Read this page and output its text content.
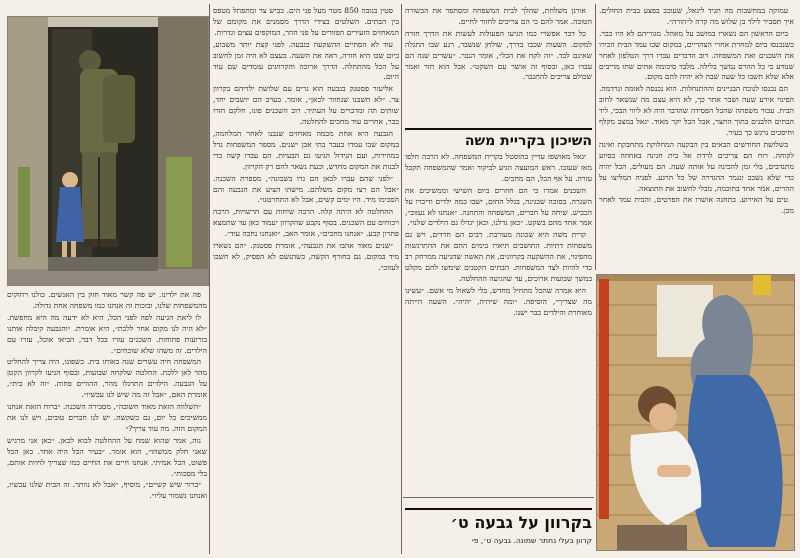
עמוקה במחשבות מה תגיד ליגאל, שעוכב בפצע בבית החולים. איך תסביר לילד בן שלוש מה קרה ל״הורה״.

ביום הראשון הם נשארו במושב על מאהל. מגוריהם לא היו כבר. כשנכנסו ביום למחרת אחרי הצהריים, במקום שבו עמד הבית הכירו את השכנים ואת המשפחה. רוב הדברים עברו דרך הטלפון לאחר שנודע כי כל ההרס נמשך בלילה. מלבד סיכומה אחים שתו מריבים אלא שלא חשבו כל שעה שבה לא יהיה להם מקום.

הם נכנסו לנוכח הבניינים וההתנחלות. הוא נכנסה לאומה ונרדמה. הפינוי אירע שעה ושבר אחר כך, לא היא עצם מה שנשאר לחוב הבית. עבור משפחה שהכל הפסידה שהדבר היה לא ליווי הבכי, ליד הבתים הלבנים בתוך החצר, אבל הכל יקר מאוד. יגאל במצב מקלף וחיסכים נרגש כך בעיר.

בשלושת החודשים הבאים בין הבקעה המחלוקת מתחבקת ואינה לקוחה. רוח הם צריכים לרדת אל בית חנינה באחוזה בסיוע מתנדבים, בלי זמן להכינה על אותה שעה. הם מעולים, הכל יהיה כדי שלא נשכב ונגמר ההגדרה של כל הרגע. לפניה המליצו על ההרים, אמר אחד בחוכמה, מבלי לחשוב את התוצאה.

טים על האירוע. בתחנה אושרו את הפרטים, והבית עמד לאחר מכן.

אורגן משלחת, שהלך לבית המשפחה ומסתפר את הבשורה הטובה. אמר להם כי הם צריכים לחזור לחיים.

כל דבר אפשרי כמו הגיעו הפעולות לעשות את הדרך חזרה למקום. השעות שכבו בדרך, שולחן שנשבר, רגע שבו התגלה שאינם לבד. ״זה לקח את הכל״, אומר הנבר. ״עשרים שנה הם עבדו כאן, ובסוף זה אושר עם השקט״. אבל הוא חזר ואמר שכולם צריכים להתגבר.

השיכון בקריית משה

יגאל מאושפז עדיין בהוסטל בקרית המשפחה. לא הרבה חלפו מאז שעזבו. ראש המועצה הגיע לביקור ואמר שהמשפחה תקבל עזרה. על אף הכל, הם מחכים.

השכנים אמרו כי הם חוזרים ביום השישי וממשיכים את השגרה. בסוכה שבגינה, בגלל החום, ישבו כמה ילדים ודיברו על הכביש. שיחה על חברים, המשפחה והתחנה. ״אנחנו לא נעזוב״, אמר אחד מהם בשקט. ״כאן גדלנו, וכאן יגדלו גם הילדים שלנו״.

קרית משה היא שכונה מעורבת. רבים הם חרדים, ויש גם משפחות דתיות. התושבים תיארו בימים ההם את ההתרגשות מהפינוי, את ההשקעה בקרוונים, את האשה שהגיעה ממרחק רב כדי להיות לצד המשפחות. הבתים הקטנים שימשו להם מקלט במשך שבועות ארוכים, עד שהגיעה ההחלטה.

היא אמרה שהכל מתחיל מחדש, בלי לשאול מי אשם. ״עשינו מה שצריך״, הוסיפה. ״ומה שיהיה, יהיה״. השעה הייתה מאוחרת והילדים כבר ישנו.

בקרוון על גבעה ט׳
קרוון בעלי נחתר שמונה. גבעה ט׳, פי

סטין בגובה 850 מטר מעל פני הים. כביש צר ומתפתל מטפס בין הבתים. השלטים בצידי הדרך מסמנים את מקומם של המאחזים הזעירים הפזורים על פני ההר, המוקפים עצים וגדרות.

עוד לא הסתיים ההשקעה בגבעה. לפני קצת יותר משבוע, ביום שבו היא חזרה, ראה את השעה. בעצם לא היה זמן לחשוב על הכל מהתחלה. הדרך ארוכה והקרוונים עומדים שם עוד היום.

אליעזר פסטנק בגבעה הוא גרים עם שלושת ילדיהם בקרוון צר. ״לא חשבנו שנחזור לכאן״, אומר. בערב הם יושבים יחד, שותים תה ומדברים על העתיד. רוב השכנים פונו, חלקם חזרו כבר, אחרים עוד מחכים להחלטה.

הגבעה היא אחת מכמה מאחזים שנבנו לאחר המלחמה, במקום שבו עמדו בעבר בתי אבן ישנים. מספר המשפחות גדל במהירות, ועם הגידול הגיעו גם הבעיות. הם עבדו קשה כדי לבנות את המקום מחדש, וכעת נשאר להם רק הקרוון.

״לפני שהם עברו לכאן הם גרו בשכונה״, מספרת השכנה. ״אבל הם רצו מקום משלהם. מישהו הציע את הגבעה והם הסכימו מיד. היו ימים קשים, אבל לא התחרטנו״.

ההחלטה לא היתה קלה. הרבה שיחות עם הרשויות, הרבה ויכוחים עם השכנים. בסוף נקבע שהקרוון יעמוד כאן עד שתמצא פתרון קבע. ״אנחנו מחכים״, אומר האב, ״ואנחנו נחכה עוד״.

״שנים מאוד אהבו את הגבעה״, אומרת פסטנק. ״הם נשארו מיד במקום. גם בחורף הקשה, כשהגשם לא הפסיק, לא חשבו לעזוב״.

פה את ילדינו. יש פה קשר מאוד חזק בין האנשים. כולנו רחוקים מהמשפחות שלנו, ובזכות זה אנחנו כמו משפחה אחת גדולה.

לו ליאת הגיעה לפה לפני הכל, היא לא ידעה מה היא מחפשת. ״לא היה לנו מקום אחר ללכת״, היא אומרת. ״והגבעה קיבלה אותנו בזרועות פתוחות. השכנים עזרו בכל דבר, הביאו אוכל, עזרו עם הילדים. זה משהו שלא שוכחים״.

המשפחה חיה עשרים שנה באותו בית. כשפונו, היה צריך להחליט מהר לאן ללכת. החלטה שלקחה שבועות, ובסוף הגיעו לקרוון הקטן על הגבעה. הילדים התרגלו מהר, ההורים פחות. ״זה לא בית״, אומרת האם, ״אבל זה מה שיש לנו עכשיו״.

״השלווה הזאת מאוד חשובה״, מסבירה השכנה. ״ברוח הזאת אנחנו ממשיכים כל יום, גם כשקשה. יש לנו חברים טובים, ויש לנו את המקום הזה. מה עוד צריך?״

נוה, אמר שהוא שמח על ההחלטה לבוא לכאן. ״כאן אני מרגיש שאני חלק ממשהו״, הוא אומר. ״בעיר הכל היה אחר. כאן הכל פשוט, הכל אמיתי. אנחנו חיים את החיים כמו שצריך לחיות אותם, בלי מסכות״.

״ברור שיש קשיים״, מוסיף, ״אבל לא נוותר. זה הבית שלנו עכשיו, ואנחנו נשמור עליו״.
